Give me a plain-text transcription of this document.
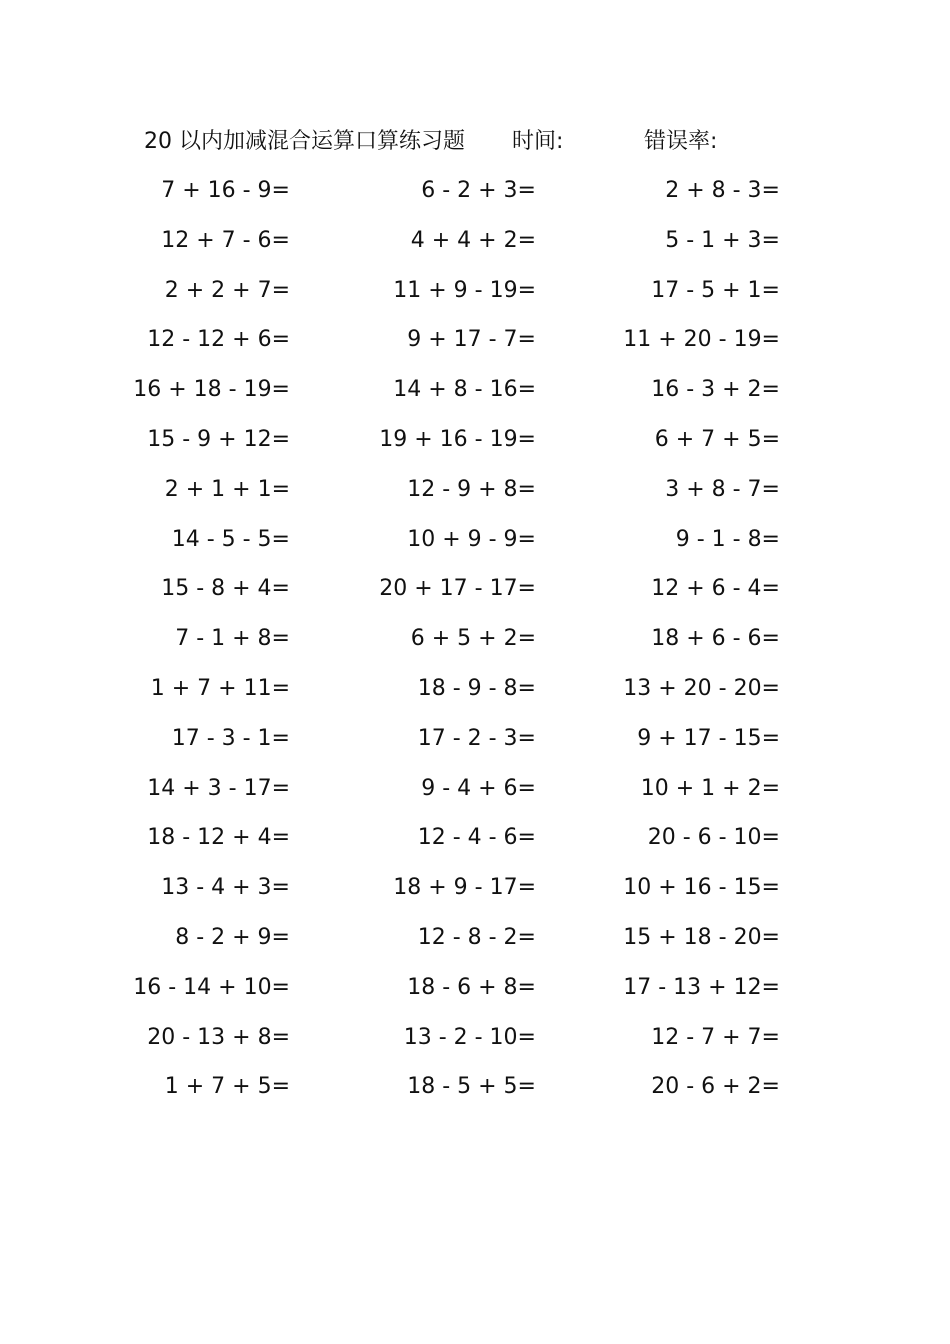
20 以内加减混合运算口算练习题 时间:	错误率:
7 + 16 - 9=	6 - 2 + 3=	2 + 8 - 3=
12 + 7 - 6=	4 + 4 + 2=	5 - 1 + 3=
2 + 2 + 7=	11 + 9 - 19=	17 - 5 + 1=
12 - 12 + 6=	9 + 17 - 7=	11 + 20 - 19=
16 + 18 - 19=	14 + 8 - 16=	16 - 3 + 2=
15 - 9 + 12=	19 + 16 - 19=	6 + 7 + 5=
2 + 1 + 1=	12 - 9 + 8=	3 + 8 - 7=
14 - 5 - 5=	10 + 9 - 9=	9 - 1 - 8=
15 - 8 + 4=	20 + 17 - 17=	12 + 6 - 4=
7 - 1 + 8=	6 + 5 + 2=	18 + 6 - 6=
1 + 7 + 11=	18 - 9 - 8=	13 + 20 - 20=
17 - 3 - 1=	17 - 2 - 3=	9 + 17 - 15=
14 + 3 - 17=	9 - 4 + 6=	10 + 1 + 2=
18 - 12 + 4=	12 - 4 - 6=	20 - 6 - 10=
13 - 4 + 3=	18 + 9 - 17=	10 + 16 - 15=
8 - 2 + 9=	12 - 8 - 2=	15 + 18 - 20=
16 - 14 + 10=	18 - 6 + 8=	17 - 13 + 12=
20 - 13 + 8=	13 - 2 - 10=	12 - 7 + 7=
1 + 7 + 5=	18 - 5 + 5=	20 - 6 + 2=
